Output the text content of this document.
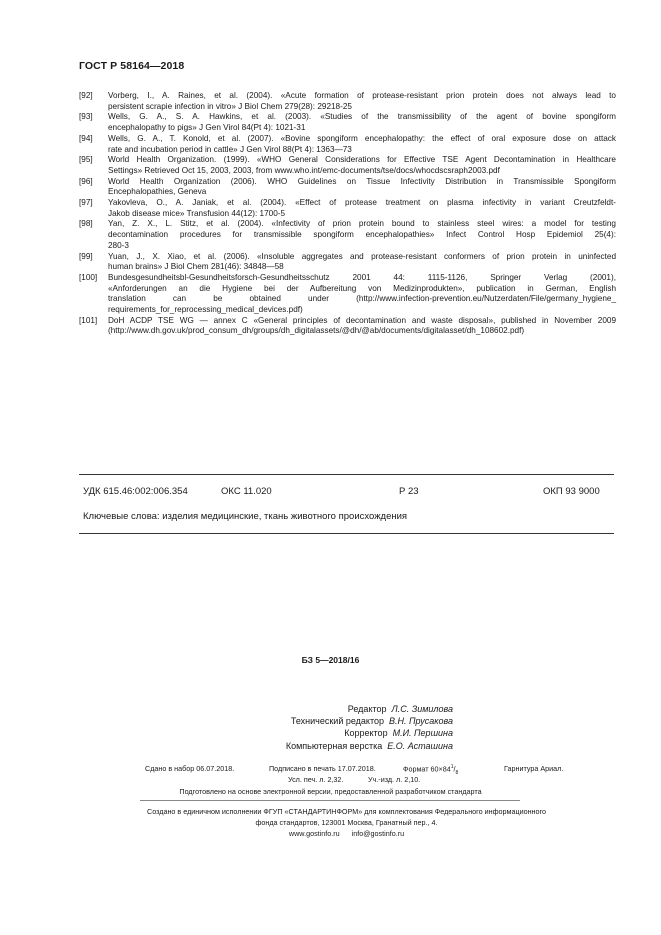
ГОСТ Р 58164—2018
[92]	Vorberg, I., A. Raines, et al. (2004). «Acute formation of protease-resistant prion protein does not always lead to
persistent scrapie infection in vitro» J Biol Chem 279(28): 29218-25
[93]	Wells, G. A., S. A. Hawkins, et al. (2003). «Studies of the transmissibility of the agent of bovine spongiform
encephalopathy to pigs» J Gen Virol 84(Pt 4): 1021-31
[94]	Wells, G. A., T. Konold, et al. (2007). «Bovine spongiform encephalopathy: the effect of oral exposure dose on attack
rate and incubation period in cattle» J Gen Virol 88(Pt 4): 1363—73
[95]	World Health Organization. (1999). «WHO General Considerations for Effective TSE Agent Decontamination in Healthcare
Settings» Retrieved Oct 15, 2003, 2003, from www.who.int/emc-documents/tse/docs/whocdscsraph2003.pdf
[96]	World Health Organization (2006). WHO Guidelines on Tissue Infectivity Distribution in Transmissible Spongiform
Encephalopathies, Geneva
[97]	Yakovleva, O., A. Janiak, et al. (2004). «Effect of protease treatment on plasma infectivity in variant Creutzfeldt-
Jakob disease mice» Transfusion 44(12): 1700-5
[98]	Yan, Z. X., L. Stitz, et al. (2004). «Infectivity of prion protein bound to stainless steel wires: a model for testing
decontamination procedures for transmissible spongiform encephalopathies» Infect Control Hosp Epidemiol 25(4):
280-3
[99]	Yuan, J., X. Xiao, et al. (2006). «Insoluble aggregates and protease-resistant conformers of prion protein in uninfected
human brains» J Biol Chem 281(46): 34848—58
[100]	Bundesgesundheitsbl-Gesundheitsforsch-Gesundheitsschutz 2001 44: 1115-1126, Springer Verlag (2001),
«Anforderungen an die Hygiene bei der Aufbereitung von Medizinprodukten», publication in German, English
translation can be obtained under (http://www.infection-prevention.eu/Nutzerdaten/File/germany_hygiene_
requirements_for_reprocessing_medical_devices.pdf)
[101]	DoH ACDP TSE WG — annex C «General principles of decontamination and waste disposal», published in November 2009
(http://www.dh.gov.uk/prod_consum_dh/groups/dh_digitalassets/@dh/@ab/documents/digitalasset/dh_108602.pdf)
УДК 615.46:002:006.354	ОКС 11.020	Р 23	ОКП 93 9000
Ключевые слова: изделия медицинские, ткань животного происхождения
БЗ 5—2018/16
Редактор Л.С. Зимилова
Технический редактор В.Н. Прусакова
Корректор М.И. Першина
Компьютерная верстка Е.О. Асташина
Сдано в набор 06.07.2018.	Подписано в печать 17.07.2018.	Формат $60\times 84^1/_8$	Гарнитура Ариал.
Усл. печ. л. 2,32.	Уч.-изд. л. 2,10.
Подготовлено на основе электронной версии, предоставленной разработчиком стандарта
Создано в единичном исполнении ФГУП «СТАНДАРТИНФОРМ» для комплектования Федерального информационного
фонда стандартов, 123001 Москва, Гранатный пер., 4.
www.gostinfo.ru info@gostinfo.ru
